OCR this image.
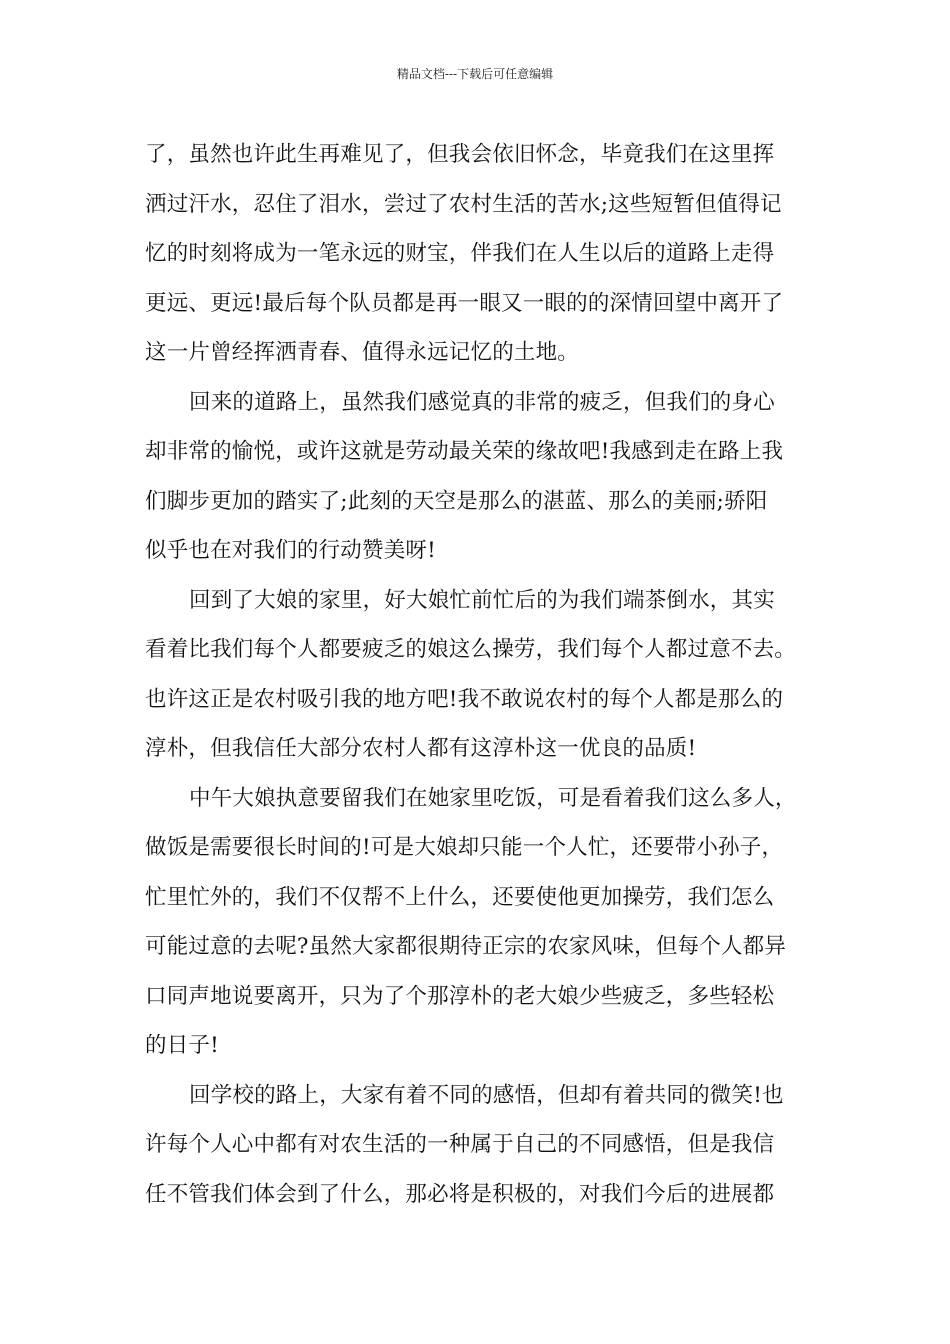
精品文档---下载后可任意编辑
了，虽然也许此生再难见了，但我会依旧怀念，毕竟我们在这里挥
洒过汗水，忍住了泪水，尝过了农村生活的苦水;这些短暂但值得记
忆的时刻将成为一笔永远的财宝，伴我们在人生以后的道路上走得
更远、更远!最后每个队员都是再一眼又一眼的的深情回望中离开了
这一片曾经挥洒青春、值得永远记忆的土地。
回来的道路上，虽然我们感觉真的非常的疲乏，但我们的身心
却非常的愉悦，或许这就是劳动最关荣的缘故吧!我感到走在路上我
们脚步更加的踏实了;此刻的天空是那么的湛蓝、那么的美丽;骄阳
似乎也在对我们的行动赞美呀!
回到了大娘的家里，好大娘忙前忙后的为我们端茶倒水，其实
看着比我们每个人都要疲乏的娘这么操劳，我们每个人都过意不去。
也许这正是农村吸引我的地方吧!我不敢说农村的每个人都是那么的
淳朴，但我信任大部分农村人都有这淳朴这一优良的品质!
中午大娘执意要留我们在她家里吃饭，可是看着我们这么多人，
做饭是需要很长时间的!可是大娘却只能一个人忙，还要带小孙子，
忙里忙外的，我们不仅帮不上什么，还要使他更加操劳，我们怎么
可能过意的去呢?虽然大家都很期待正宗的农家风味，但每个人都异
口同声地说要离开，只为了个那淳朴的老大娘少些疲乏，多些轻松
的日子!
回学校的路上，大家有着不同的感悟，但却有着共同的微笑!也
许每个人心中都有对农生活的一种属于自己的不同感悟，但是我信
任不管我们体会到了什么，那必将是积极的，对我们今后的进展都
